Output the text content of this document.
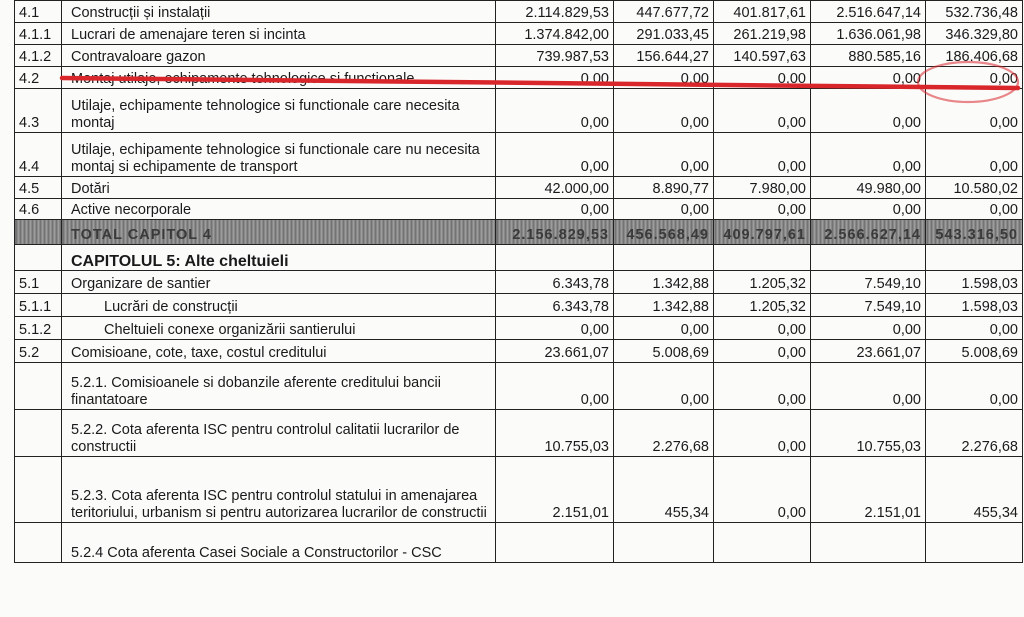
4.1	Construcții și instalații	2.114.829,53	447.677,72	401.817,61	2.516.647,14	532.736,48
4.1.1	Lucrari de amenajare teren si incinta	1.374.842,00	291.033,45	261.219,98	1.636.061,98	346.329,80
4.1.2	Contravaloare gazon	739.987,53	156.644,27	140.597,63	880.585,16	186.406,68
4.2	Montaj utilaje, echipamente tehnologice si functionale	0,00	0,00	0,00	0,00	0,00
4.3	Utilaje, echipamente tehnologice si functionale care necesita montaj	0,00	0,00	0,00	0,00	0,00
4.4	Utilaje, echipamente tehnologice si functionale care nu necesita montaj si echipamente de transport	0,00	0,00	0,00	0,00	0,00
4.5	Dotări	42.000,00	8.890,77	7.980,00	49.980,00	10.580,02
4.6	Active necorporale	0,00	0,00	0,00	0,00	0,00
	TOTAL CAPITOL 4	2.156.829,53	456.568,49	409.797,61	2.566.627,14	543.316,50
	CAPITOLUL 5: Alte cheltuieli					
5.1	Organizare de santier	6.343,78	1.342,88	1.205,32	7.549,10	1.598,03
5.1.1	Lucrări de construcții	6.343,78	1.342,88	1.205,32	7.549,10	1.598,03
5.1.2	Cheltuieli conexe organizării santierului	0,00	0,00	0,00	0,00	0,00
5.2	Comisioane, cote, taxe, costul creditului	23.661,07	5.008,69	0,00	23.661,07	5.008,69
	5.2.1. Comisioanele si dobanzile aferente creditului bancii finantatoare	0,00	0,00	0,00	0,00	0,00
	5.2.2. Cota aferenta ISC pentru controlul calitatii lucrarilor de constructii	10.755,03	2.276,68	0,00	10.755,03	2.276,68
	5.2.3. Cota aferenta ISC pentru controlul statului in amenajarea teritoriului, urbanism si pentru autorizarea lucrarilor de constructii	2.151,01	455,34	0,00	2.151,01	455,34
	5.2.4 Cota aferenta Casei Sociale a Constructorilor - CSC					
